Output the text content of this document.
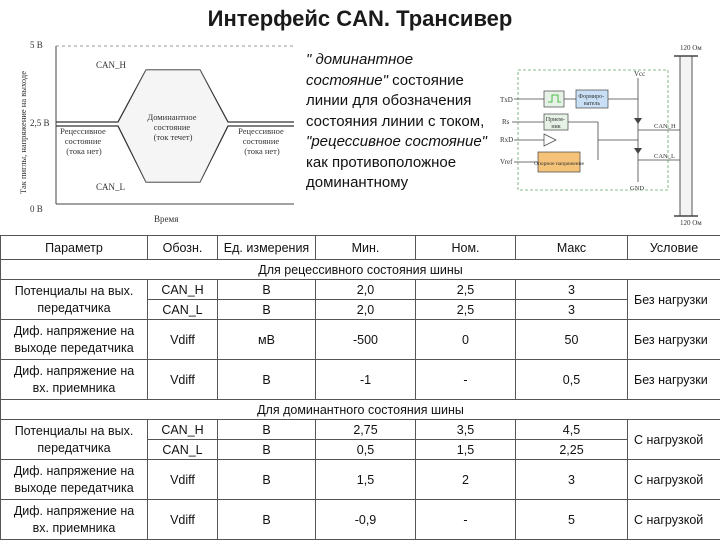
Интерфейс CAN. Трансивер
Так пиглы, напряжение на выходе
5 В
2,5 В
0 В
CAN_H
CAN_L
Рецессивное состояние (тока нет)
Доминантное состояние (ток течет)
Рецессивное состояние (тока нет)
Время
" доминантное состояние" состояние линии для обозначения состояния линии с током, "рецессивное состояние" как противоположное доминантному
120 Ом
120 Ом
Vcc
TxD	Формиро- ватель
Rs	Прием- ник
RxD
Vref	Опорное напряжение
CAN_H
CAN_L
GND
Параметр	Обозн.	Ед. измерения	Мин.	Ном.	Макс	Условие
Для рецессивного состояния шины						
Потенциалы на вых.
передатчика	CAN_H	В	2,0	2,5	3	Без нагрузки
	CAN_L	В	2,0	2,5	3	
Диф. напряжение на
выходе передатчика	Vdiff	мВ	-500	0	50	Без нагрузки
Диф. напряжение на
вх. приемника	Vdiff	В	-1	-	0,5	Без нагрузки
Для доминантного состояния шины						
Потенциалы на вых.
передатчика	CAN_H	В	2,75	3,5	4,5	С нагрузкой
	CAN_L	В	0,5	1,5	2,25	
Диф. напряжение на
выходе передатчика	Vdiff	В	1,5	2	3	С нагрузкой
Диф. напряжение на
вх. приемника	Vdiff	В	-0,9	-	5	С нагрузкой
